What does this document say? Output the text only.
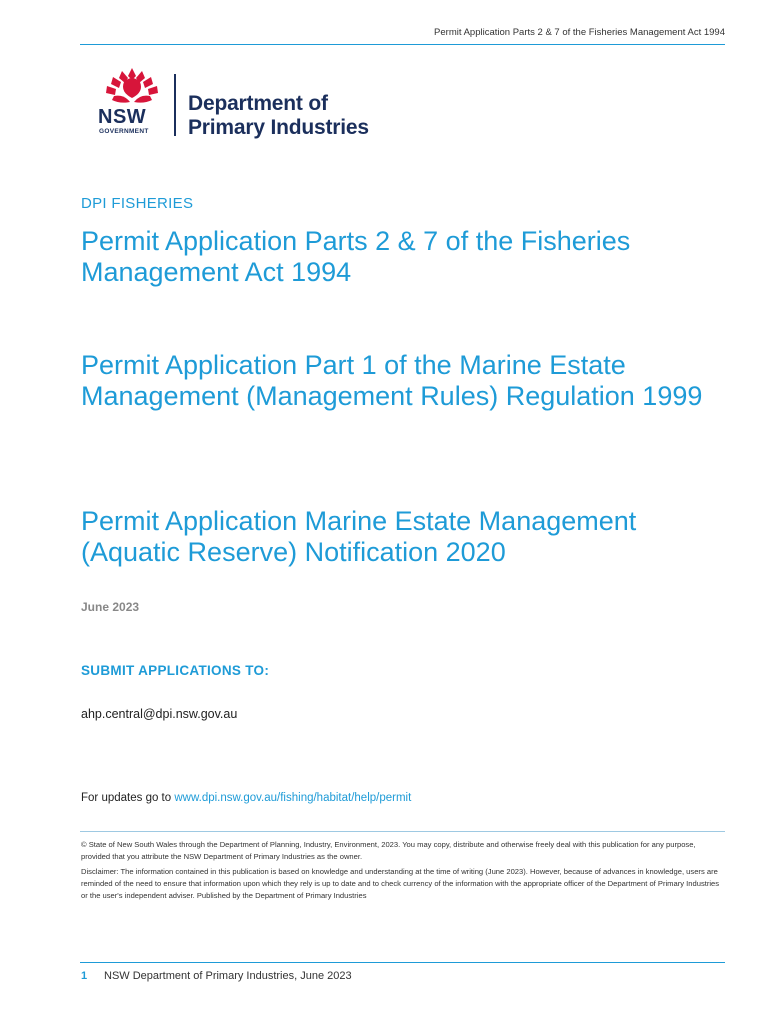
Permit Application Parts 2 & 7 of the Fisheries Management Act 1994
NSW
GOVERNMENT
Department of
Primary Industries
DPI FISHERIES
Permit Application Parts 2 & 7 of the Fisheries Management Act 1994
Permit Application Part 1 of the Marine Estate Management (Management Rules) Regulation 1999
Permit Application Marine Estate Management (Aquatic Reserve) Notification 2020
June 2023
SUBMIT APPLICATIONS TO:
ahp.central@dpi.nsw.gov.au
For updates go to www.dpi.nsw.gov.au/fishing/habitat/help/permit
© State of New South Wales through the Department of Planning, Industry, Environment, 2023. You may copy, distribute and otherwise freely deal with this publication for any purpose, provided that you attribute the NSW Department of Primary Industries as the owner.
Disclaimer: The information contained in this publication is based on knowledge and understanding at the time of writing (June 2023). However, because of advances in knowledge, users are reminded of the need to ensure that information upon which they rely is up to date and to check currency of the information with the appropriate officer of the Department of Primary Industries or the user's independent adviser. Published by the Department of Primary Industries
1 NSW Department of Primary Industries, June 2023
